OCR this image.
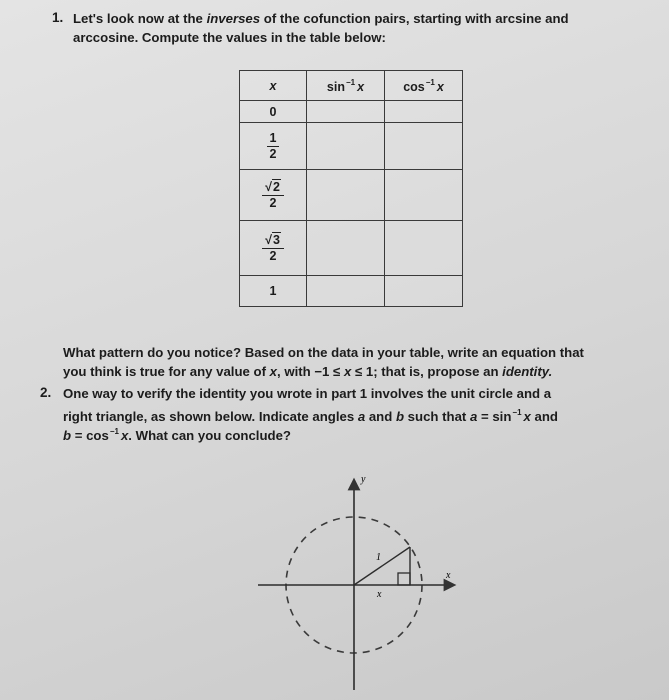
1. Let's look now at the inverses of the cofunction pairs, starting with arcsine and
arccosine. Compute the values in the table below:
x	$\sin^{-1} x$	$\cos^{-1} x$
0		

$\frac{1}{2}$

$\frac{√2}{2}$

$\frac{√3}{2}$

1		
What pattern do you notice? Based on the data in your table, write an equation that
you think is true for any value of x, with −1 ≤ x ≤ 1; that is, propose an identity.
2. One way to verify the identity you wrote in part 1 involves the unit circle and a
right triangle, as shown below. Indicate angles a and b such that $a = \sin^{-1} x$ and
$b = \cos^{-1} x$. What can you conclude?
y
x
1
x
